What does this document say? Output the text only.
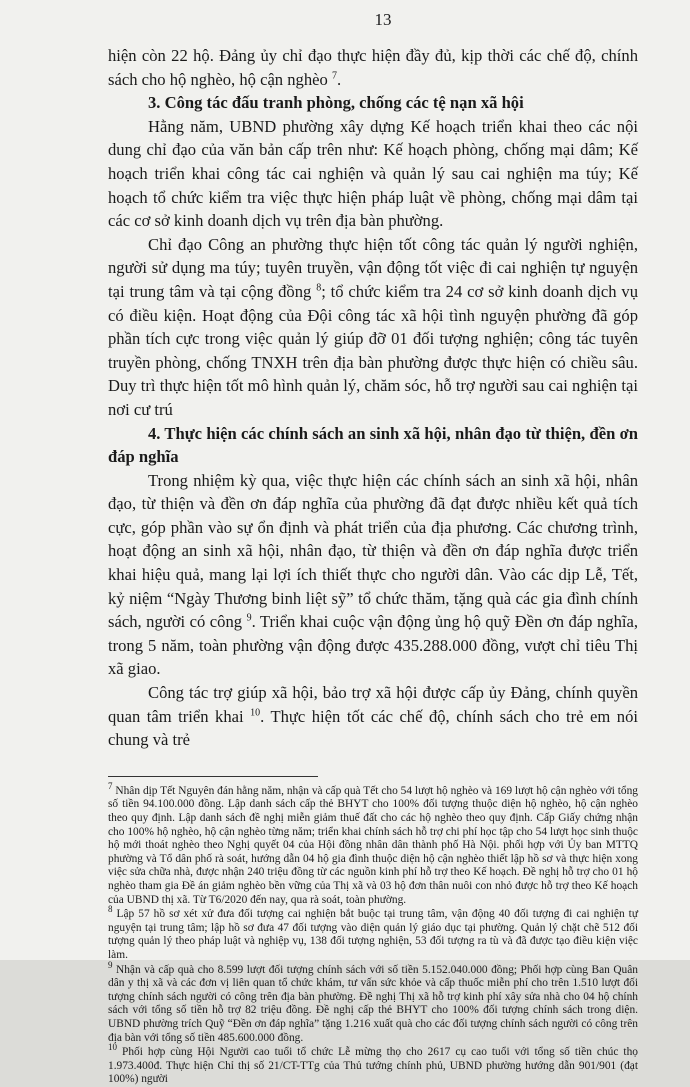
13

hiện còn 22 hộ. Đảng ủy chỉ đạo thực hiện đầy đủ, kịp thời các chế độ, chính sách cho hộ nghèo, hộ cận nghèo $^7$.

3. Công tác đấu tranh phòng, chống các tệ nạn xã hội

Hằng năm, UBND phường xây dựng Kế hoạch triển khai theo các nội dung chỉ đạo của văn bản cấp trên như: Kế hoạch phòng, chống mại dâm; Kế hoạch triển khai công tác cai nghiện và quản lý sau cai nghiện ma túy; Kế hoạch tổ chức kiểm tra việc thực hiện pháp luật về phòng, chống mại dâm tại các cơ sở kinh doanh dịch vụ trên địa bàn phường.

Chỉ đạo Công an phường thực hiện tốt công tác quản lý người nghiện, người sử dụng ma túy; tuyên truyền, vận động tốt việc đi cai nghiện tự nguyện tại trung tâm và tại cộng đồng $^8$; tổ chức kiểm tra 24 cơ sở kinh doanh dịch vụ có điều kiện. Hoạt động của Đội công tác xã hội tình nguyện phường đã góp phần tích cực trong việc quản lý giúp đỡ 01 đối tượng nghiện; công tác tuyên truyền phòng, chống TNXH trên địa bàn phường được thực hiện có chiều sâu. Duy trì thực hiện tốt mô hình quản lý, chăm sóc, hỗ trợ người sau cai nghiện tại nơi cư trú

4. Thực hiện các chính sách an sinh xã hội, nhân đạo từ thiện, đền ơn đáp nghĩa

Trong nhiệm kỳ qua, việc thực hiện các chính sách an sinh xã hội, nhân đạo, từ thiện và đền ơn đáp nghĩa của phường đã đạt được nhiều kết quả tích cực, góp phần vào sự ổn định và phát triển của địa phương. Các chương trình, hoạt động an sinh xã hội, nhân đạo, từ thiện và đền ơn đáp nghĩa được triển khai hiệu quả, mang lại lợi ích thiết thực cho người dân. Vào các dịp Lễ, Tết, kỷ niệm “Ngày Thương binh liệt sỹ” tổ chức thăm, tặng quà các gia đình chính sách, người có công $^9$. Triển khai cuộc vận động ủng hộ quỹ Đền ơn đáp nghĩa, trong 5 năm, toàn phường vận động được 435.288.000 đồng, vượt chỉ tiêu Thị xã giao.

Công tác trợ giúp xã hội, bảo trợ xã hội được cấp ủy Đảng, chính quyền quan tâm triển khai $^{10}$. Thực hiện tốt các chế độ, chính sách cho trẻ em nói chung và trẻ

$^7$ Nhân dịp Tết Nguyên đán hằng năm, nhận và cấp quà Tết cho 54 lượt hộ nghèo và 169 lượt hộ cận nghèo với tổng số tiền 94.100.000 đồng. Lập danh sách cấp thẻ BHYT cho 100% đối tượng thuộc diện hộ nghèo, hộ cận nghèo theo quy định. Lập danh sách đề nghị miễn giảm thuế đất cho các hộ nghèo theo quy định. Cấp Giấy chứng nhận cho 100% hộ nghèo, hộ cận nghèo từng năm; triển khai chính sách hỗ trợ chi phí học tập cho 54 lượt học sinh thuộc hộ mới thoát nghèo theo Nghị quyết 04 của Hội đồng nhân dân thành phố Hà Nội. phối hợp với Ủy ban MTTQ phường và Tổ dân phố rà soát, hướng dẫn 04 hộ gia đình thuộc diện hộ cận nghèo thiết lập hồ sơ và thực hiện xong việc sửa chữa nhà, được nhận 240 triệu đồng từ các nguồn kinh phí hỗ trợ theo Kế hoạch. Đề nghị hỗ trợ cho 01 hộ nghèo tham gia Đề án giảm nghèo bền vững của Thị xã và 03 hộ đơn thân nuôi con nhỏ được hỗ trợ theo Kế hoạch của UBND thị xã. Từ T6/2020 đến nay, qua rà soát, toàn phường.

$^8$ Lập 57 hồ sơ xét xử đưa đối tượng cai nghiện bắt buộc tại trung tâm, vận động 40 đối tượng đi cai nghiện tự nguyện tại trung tâm; lập hồ sơ đưa 47 đối tượng vào diện quản lý giáo dục tại phường. Quản lý chặt chẽ 512 đối tượng quản lý theo pháp luật và nghiệp vụ, 138 đối tượng nghiện, 53 đối tượng ra tù và đã được tạo điều kiện việc làm.

$^9$ Nhận và cấp quà cho 8.599 lượt đối tượng chính sách với số tiền 5.152.040.000 đồng; Phối hợp cùng Ban Quân dân y thị xã và các đơn vị liên quan tổ chức khám, tư vấn sức khỏe và cấp thuốc miễn phí cho trên 1.510 lượt đối tượng chính sách người có công trên địa bàn phường. Đề nghị Thị xã hỗ trợ kinh phí xây sửa nhà cho 04 hộ chính sách với tổng số tiền hỗ trợ 82 triệu đồng. Đề nghị cấp thẻ BHYT cho 100% đối tượng chính sách trong diện. UBND phường trích Quỹ “Đền ơn đáp nghĩa” tặng 1.216 xuất quà cho các đối tượng chính sách người có công trên địa bàn với tổng số tiền 485.600.000 đồng.

$^{10}$ Phối hợp cùng Hội Người cao tuổi tổ chức Lễ mừng thọ cho 2617 cụ cao tuổi với tổng số tiền chúc thọ 1.973.400đ. Thực hiện Chỉ thị số 21/CT-TTg của Thủ tướng chính phủ, UBND phường hướng dẫn 901/901 (đạt 100%) người
